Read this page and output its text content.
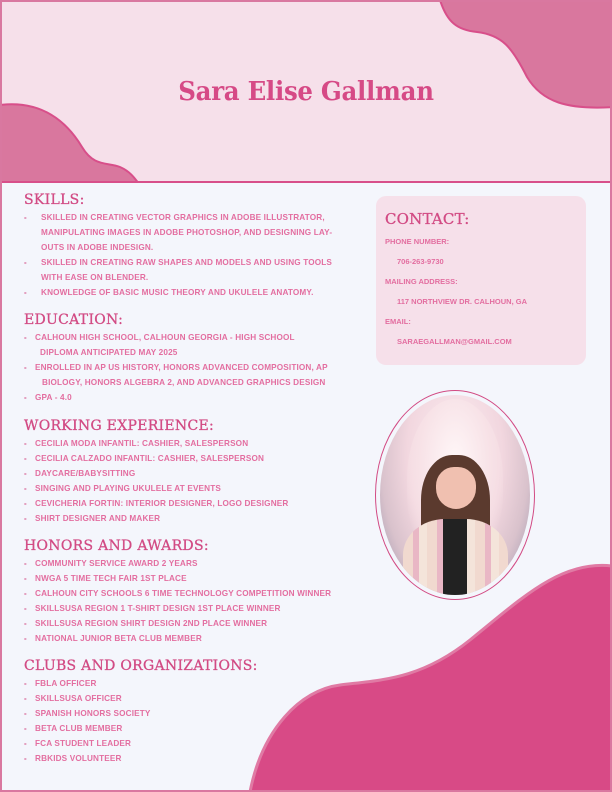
Sara Elise Gallman
SKILLS:
- SKILLED IN CREATING VECTOR GRAPHICS IN ADOBE ILLUSTRATOR,
MANIPULATING IMAGES IN ADOBE PHOTOSHOP, AND DESIGNING LAY-
OUTS IN ADOBE INDESIGN.
- SKILLED IN CREATING RAW SHAPES AND MODELS AND USING TOOLS
WITH EASE ON BLENDER.
- KNOWLEDGE OF BASIC MUSIC THEORY AND UKULELE ANATOMY.
EDUCATION:
- CALHOUN HIGH SCHOOL, CALHOUN GEORGIA - HIGH SCHOOL
DIPLOMA ANTICIPATED MAY 2025
- ENROLLED IN AP US HISTORY, HONORS ADVANCED COMPOSITION, AP
BIOLOGY, HONORS ALGEBRA 2, AND ADVANCED GRAPHICS DESIGN
- GPA - 4.0
WORKING EXPERIENCE:
- CECILIA MODA INFANTIL: CASHIER, SALESPERSON
- CECILIA CALZADO INFANTIL: CASHIER, SALESPERSON
- DAYCARE/BABYSITTING
- SINGING AND PLAYING UKULELE AT EVENTS
- CEVICHERIA FORTIN: INTERIOR DESIGNER, LOGO DESIGNER
- SHIRT DESIGNER AND MAKER
HONORS AND AWARDS:
- COMMUNITY SERVICE AWARD 2 YEARS
- NWGA 5 TIME TECH FAIR 1ST PLACE
- CALHOUN CITY SCHOOLS 6 TIME TECHNOLOGY COMPETITION WINNER
- SKILLSUSA REGION 1 T-SHIRT DESIGN 1ST PLACE WINNER
- SKILLSUSA REGION SHIRT DESIGN 2ND PLACE WINNER
- NATIONAL JUNIOR BETA CLUB MEMBER
CLUBS AND ORGANIZATIONS:
- FBLA OFFICER
- SKILLSUSA OFFICER
- SPANISH HONORS SOCIETY
- BETA CLUB MEMBER
- FCA STUDENT LEADER
- RBKIDS VOLUNTEER
CONTACT:
PHONE NUMBER:
706-263-9730
MAILING ADDRESS:
117 NORTHVIEW DR. CALHOUN, GA
EMAIL:
SARAEGALLMAN@GMAIL.COM
